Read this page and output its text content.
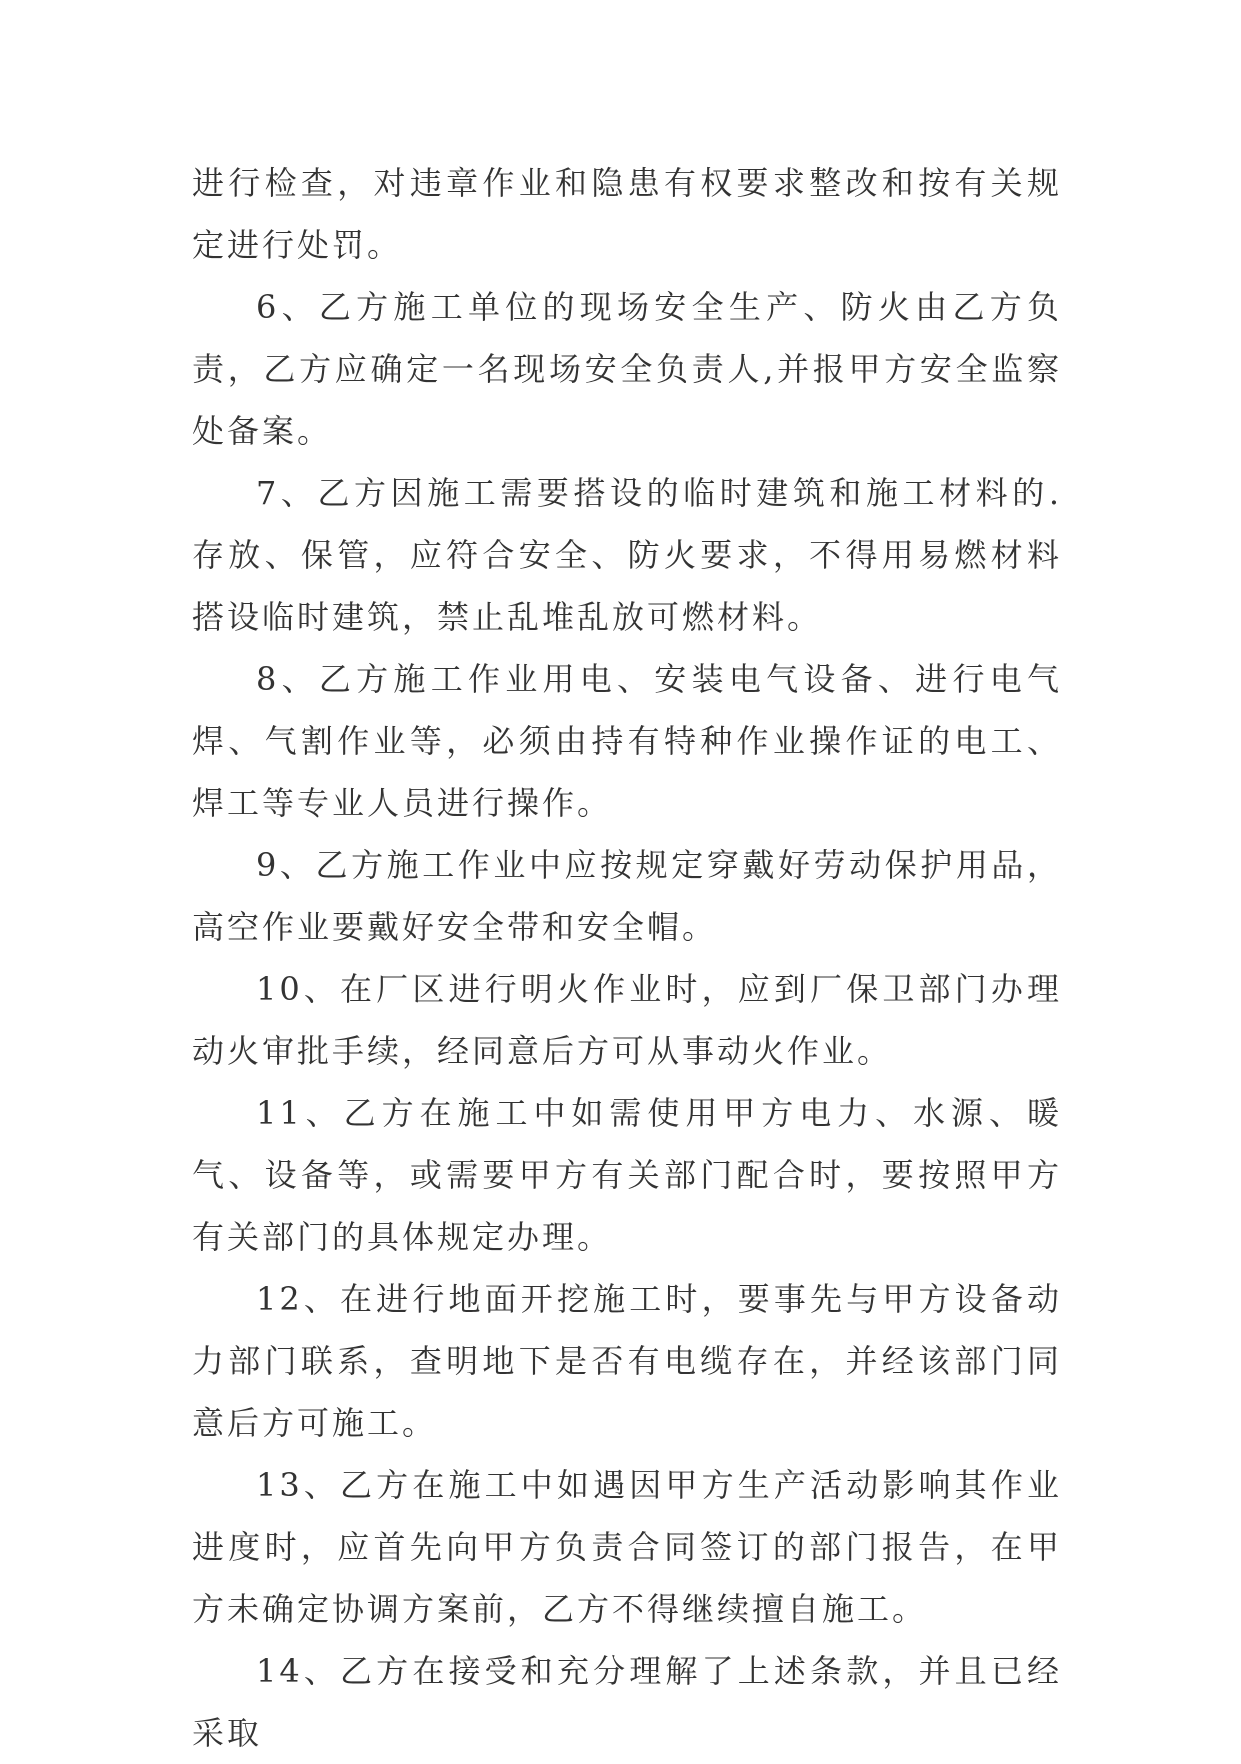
进行检查，对违章作业和隐患有权要求整改和按有关规定进行处罚。

6、乙方施工单位的现场安全生产、防火由乙方负责，乙方应确定一名现场安全负责人,并报甲方安全监察处备案。

7、乙方因施工需要搭设的临时建筑和施工材料的.存放、保管，应符合安全、防火要求，不得用易燃材料搭设临时建筑，禁止乱堆乱放可燃材料。

8、乙方施工作业用电、安装电气设备、进行电气焊、气割作业等，必须由持有特种作业操作证的电工、焊工等专业人员进行操作。

9、乙方施工作业中应按规定穿戴好劳动保护用品，高空作业要戴好安全带和安全帽。

10、在厂区进行明火作业时，应到厂保卫部门办理动火审批手续，经同意后方可从事动火作业。

11、乙方在施工中如需使用甲方电力、水源、暖气、设备等，或需要甲方有关部门配合时，要按照甲方有关部门的具体规定办理。

12、在进行地面开挖施工时，要事先与甲方设备动力部门联系，查明地下是否有电缆存在，并经该部门同意后方可施工。

13、乙方在施工中如遇因甲方生产活动影响其作业进度时，应首先向甲方负责合同签订的部门报告，在甲方未确定协调方案前，乙方不得继续擅自施工。

14、乙方在接受和充分理解了上述条款，并且已经采取
